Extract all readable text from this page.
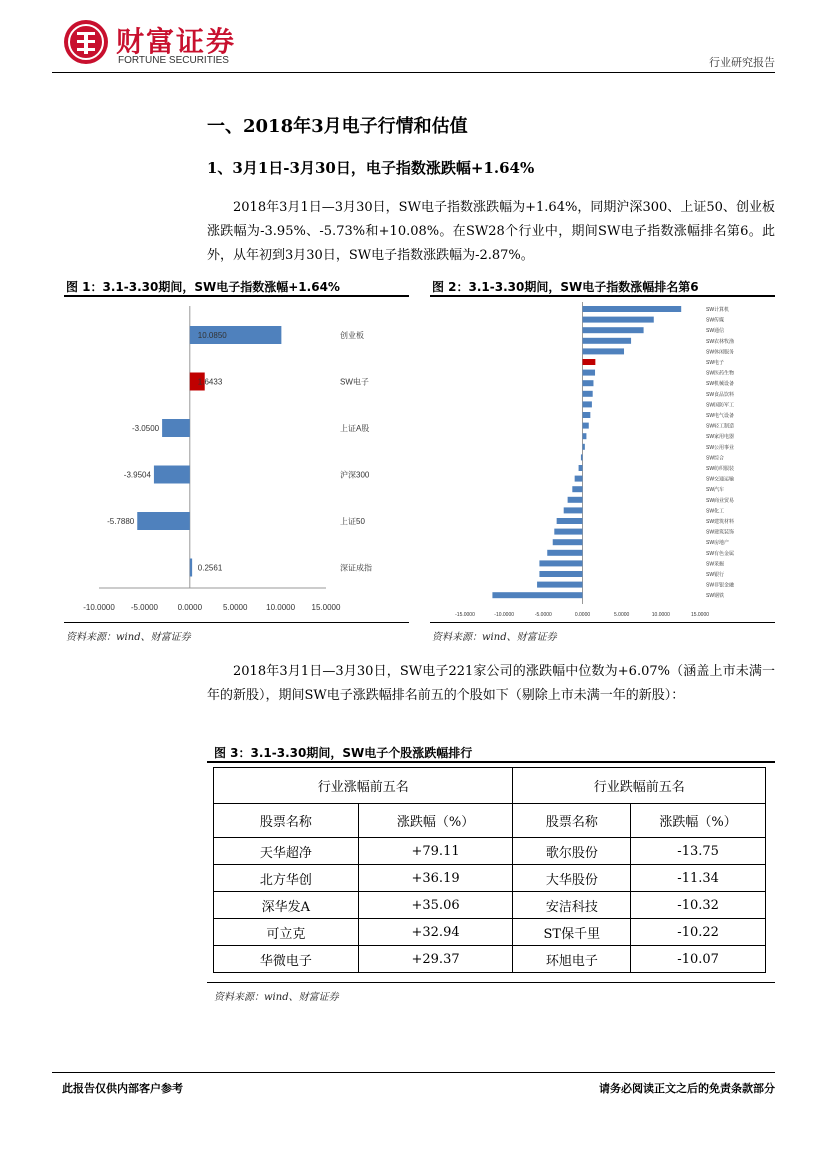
财富证券
FORTUNE SECURITIES	行业研究报告
一、2018年3月电子行情和估值
1、3月1日-3月30日，电子指数涨跌幅+1.64%
2018年3月1日—3月30日，SW电子指数涨跌幅为+1.64%，同期沪深300、上证50、创业板涨跌幅为-3.95%、-5.73%和+10.08%。在SW28个行业中，期间SW电子指数涨幅排名第6。此外，从年初到3月30日，SW电子指数涨跌幅为-2.87%。
图 1：3.1-3.30期间，SW电子指数涨幅+1.64%
10.0850	创业板
1.6433	SW电子
-3.0500	上证A股
-3.9504	沪深300
-5.7880	上证50
0.2561	深证成指
-10.0000 -5.0000 0.0000	5.0000 10.0000 15.0000
资料来源：wind、财富证券
图 2：3.1-3.30期间，SW电子指数涨幅排名第6
SW计算机
SW传媒
SW通信
SW农林牧渔
SW休闲服务
SW电子
SW医药生物
SW机械设备
SW食品饮料
SW国防军工
SW电气设备
SW轻工制造
SW家用电器
SW公用事业
SW综合
SW纺织服装
SW交通运输
SW汽车
SW商业贸易
SW化工
SW建筑材料
SW建筑装饰
SW房地产
SW有色金属
SW采掘
SW银行
SW非银金融
SW钢铁
-15.0000	-10.0000	-5.0000	0.0000	5.0000	10.0000	15.0000
资料来源：wind、财富证券
2018年3月1日—3月30日，SW电子221家公司的涨跌幅中位数为+6.07%（涵盖上市未满一年的新股），期间SW电子涨跌幅排名前五的个股如下（剔除上市未满一年的新股）：
图 3：3.1-3.30期间，SW电子个股涨跌幅排行
行业涨幅前五名		行业跌幅前五名	
股票名称	涨跌幅（%）	股票名称	涨跌幅（%）
天华超净	+79.11	歌尔股份	-13.75
北方华创	+36.19	大华股份	-11.34
深华发A	+35.06	安洁科技	-10.32
可立克	+32.94	ST保千里	-10.22
华微电子	+29.37	环旭电子	-10.07
资料来源：wind、财富证券
此报告仅供内部客户参考	请务必阅读正文之后的免责条款部分
